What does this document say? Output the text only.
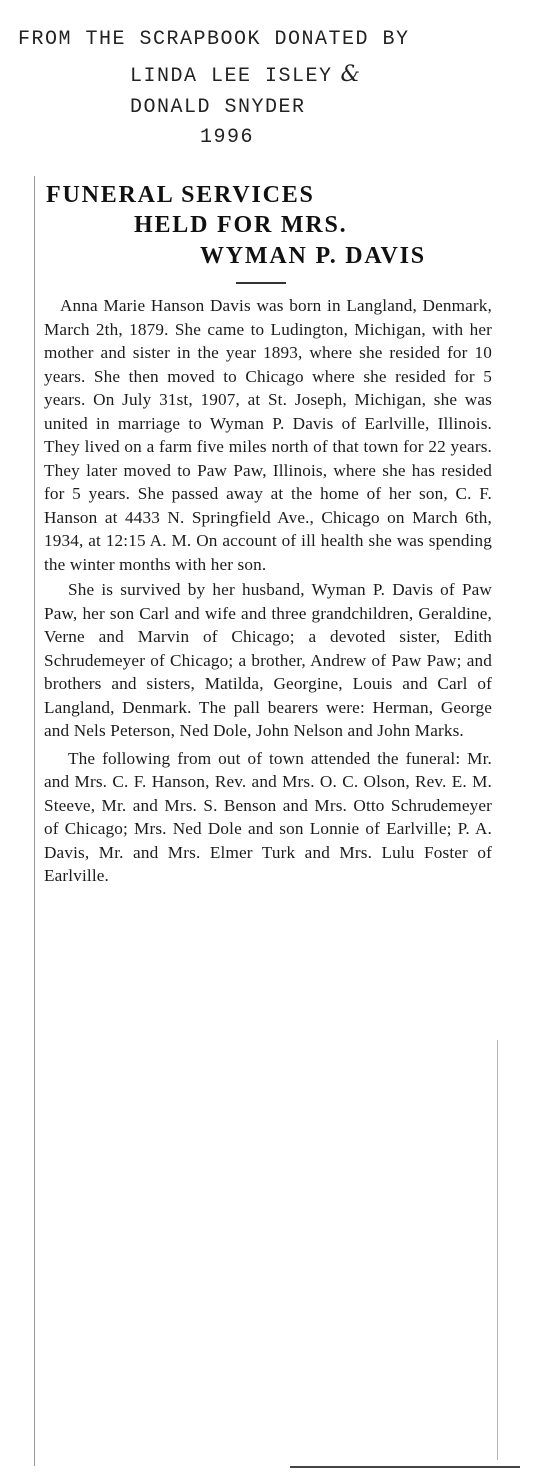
FROM THE SCRAPBOOK DONATED BY
LINDA LEE ISLEY &
DONALD SNYDER
1996
FUNERAL SERVICES
HELD FOR MRS.
WYMAN P. DAVIS

Anna Marie Hanson Davis was born in Langland, Denmark, March 2th, 1879. She came to Ludington, Michigan, with her mother and sister in the year 1893, where she resided for 10 years. She then moved to Chicago where she resided for 5 years. On July 31st, 1907, at St. Joseph, Michigan, she was united in marriage to Wyman P. Davis of Earlville, Illinois. They lived on a farm five miles north of that town for 22 years. They later moved to Paw Paw, Illinois, where she has resided for 5 years. She passed away at the home of her son, C. F. Hanson at 4433 N. Springfield Ave., Chicago on March 6th, 1934, at 12:15 A. M. On account of ill health she was spending the winter months with her son.

She is survived by her husband, Wyman P. Davis of Paw Paw, her son Carl and wife and three grandchildren, Geraldine, Verne and Marvin of Chicago; a devoted sister, Edith Schrudemeyer of Chicago; a brother, Andrew of Paw Paw; and brothers and sisters, Matilda, Georgine, Louis and Carl of Langland, Denmark. The pall bearers were: Herman, George and Nels Peterson, Ned Dole, John Nelson and John Marks.

The following from out of town attended the funeral: Mr. and Mrs. C. F. Hanson, Rev. and Mrs. O. C. Olson, Rev. E. M. Steeve, Mr. and Mrs. S. Benson and Mrs. Otto Schrudemeyer of Chicago; Mrs. Ned Dole and son Lonnie of Earlville; P. A. Davis, Mr. and Mrs. Elmer Turk and Mrs. Lulu Foster of Earlville.
